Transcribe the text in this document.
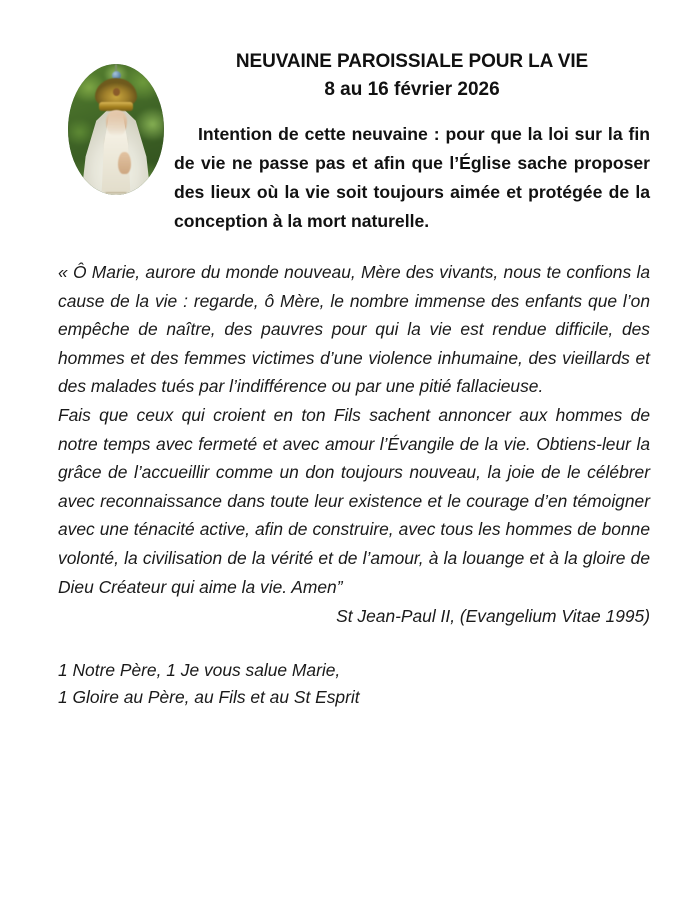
NEUVAINE PAROISSIALE POUR LA VIE
8 au 16 février 2026

Intention de cette neuvaine : pour que la loi sur la fin de vie ne passe pas et afin que l’Église sache proposer des lieux où la vie soit toujours aimée et protégée de la conception à la mort naturelle.

« Ô Marie, aurore du monde nouveau, Mère des vivants, nous te confions la cause de la vie : regarde, ô Mère, le nombre immense des enfants que l’on empêche de naître, des pauvres pour qui la vie est rendue difficile, des hommes et des femmes victimes d’une violence inhumaine, des vieillards et des malades tués par l’indifférence ou par une pitié fallacieuse.

Fais que ceux qui croient en ton Fils sachent annoncer aux hommes de notre temps avec fermeté et avec amour l’Évangile de la vie. Obtiens-leur la grâce de l’accueillir comme un don toujours nouveau, la joie de le célébrer avec reconnaissance dans toute leur existence et le courage d’en témoigner avec une ténacité active, afin de construire, avec tous les hommes de bonne volonté, la civilisation de la vérité et de l’amour, à la louange et à la gloire de Dieu Créateur qui aime la vie. Amen”

St Jean-Paul II, (Evangelium Vitae 1995)

1 Notre Père, 1 Je vous salue Marie,
1 Gloire au Père, au Fils et au St Esprit
